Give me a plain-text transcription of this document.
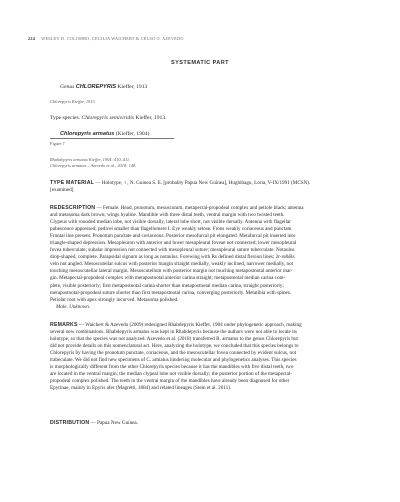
224 WESLEY D. COLOMBO, CECILIA WAICHERT & CELSO O. AZEVEDO
SYSTEMATIC PART
Genus CHLOREPYRIS Kieffer, 1913
Chlorepyris Kieffer, 1913.
Type species. Chlorepyris semiviridis Kieffer, 1913.
Chlorepyris armatus (Kieffer, 1904)
Figure 7
Rhabdepyris armatus Kieffer, 1904: 410–411.
Chlorepyris armatus – Azevedo et al., 2018: 148.
TYPE MATERIAL — Holotype, ♀, N. Guinea S. E. [probably Papua New Guinea], Hughibagu, Loria, V-IX/1991 (MCSN).
[examined]
REDESCRIPTION — Female. Head, pronotum, mesoscutum, metapectal-propodeal complex and petiole black; antenna
and metasoma dark brown; wings hyaline. Mandible with three distal teeth, ventral margin with two twisted teeth.
Clypeus with rounded median lobe, not visible dorsally, lateral lobe short, not visible dorsally. Antenna with flagellar
pubescence appressed; pedicel smaller than flagellomere I. Eye weakly setose. Frons weakly coriaceous and punctate.
Frontal line present. Pronotum punctate and coriaceous. Posterior mesofurcal pit elongated. Metafurcal pit inserted into
triangle-shaped depression. Mesopleuron with anterior and lower mesopleural foveae not connected; lower mesopleural
fovea tuberculate; subalar impression not connected with mesopleural suture; mesopleural suture tuberculate. Notaulus
drop-shaped, complete. Parapsidal signum as long as notaulus. Forewing with Rs defined distal flexion lines; 2r-rs&Rs
vein not angled. Mesoscutellar sulcus with posterior margin straight medially, weakly inclined, narrower medially, not
touching mesoscutellar lateral margin. Mesoscutellum with posterior margin not touching metapostnotal anterior mar-
gin. Metapectal-propodeal complex with metapostnotal anterior carina straight; metapostnotal median carina com-
plete, visible posteriorly; first metapostnotal carina shorter than metapostnotal median carina, straight posteriorly;
metapostnotal-propodeal suture shorter than first metapostnotal carina, converging posteriorly. Metatibia with spines.
Petiolar root with apex strongly incurved. Metasoma polished.
Male. Unknown.
REMARKS — Waichert & Azevedo (2009) redesigned Rhabdepyris Kieffer, 1904 under phylogenetic approach, making
several new combinations. Rhabdepyris armatus was kept in Rhabdepyris because the authors were not able to locate its
holotype, so that the species was not analyzed. Azevedo et al. (2018) transferred R. armatus to the genus Chlorepyris but
did not provide details on this nomenclatural act. Here, analyzing the holotype, we concluded that this species belongs to
Chlorepyris by having the pronotum punctate, coriaceous, and the mesoscutellar fovea connected by evident sulcus, not
trabeculate. We did not find new specimens of C. armatus hindering molecular and phylogenetics analyses. This species
is morphologically different from the other Chlorepyris species because it has the mandibles with five distal teeth, two
are located in the ventral margin; the median clypeal lobe not visible dorsally; the posterior portion of the metapectal-
propodeal complex polished. The teeth in the ventral margin of the mandibles have already been diagnosed for other
Epyrinae, mainly in Epyris afer (Magretti, 1884) and related lineages (Stein et al. 2011).
DISTRIBUTION — Papua New Guinea.
